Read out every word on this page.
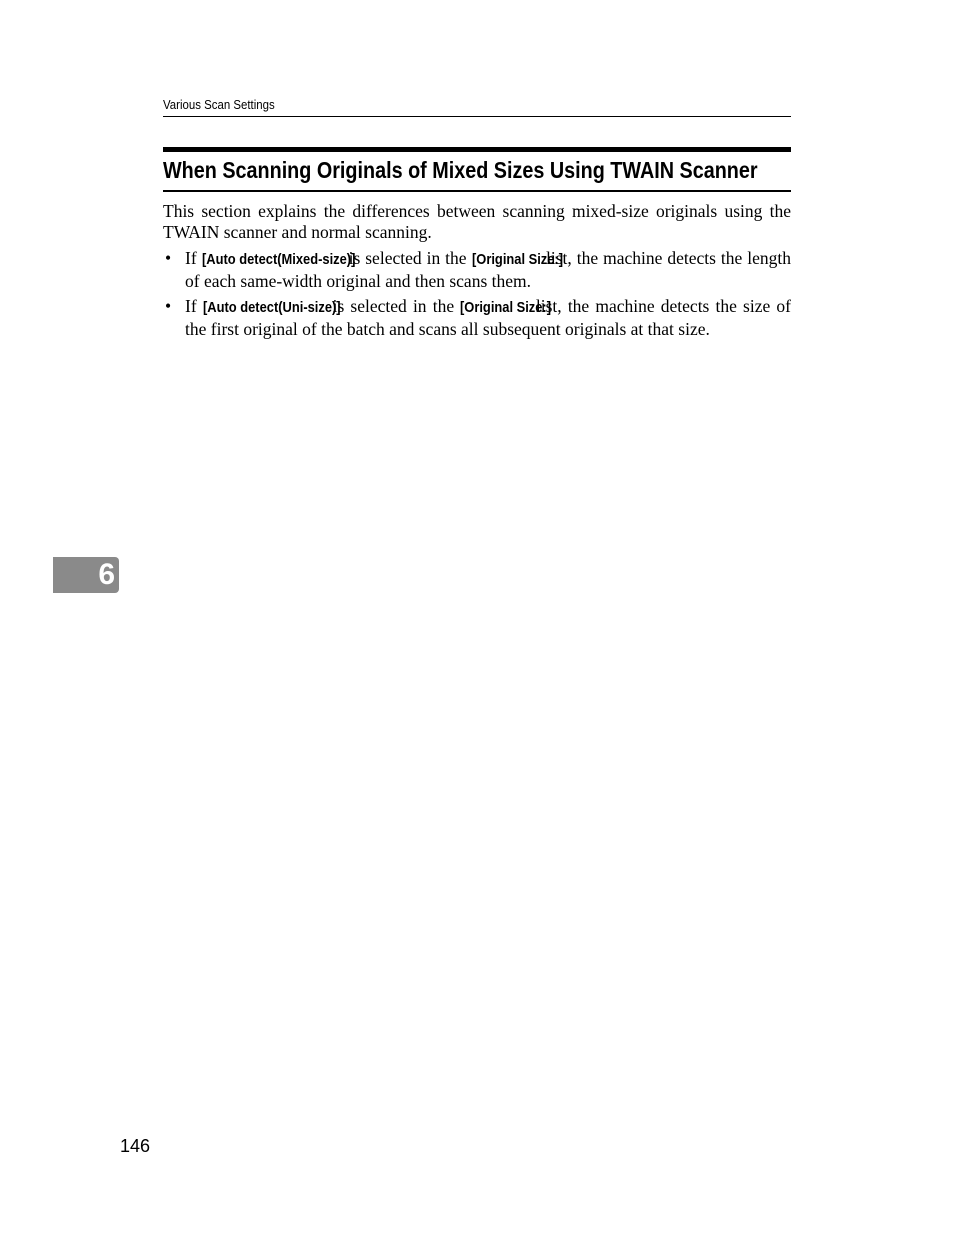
Various Scan Settings
When Scanning Originals of Mixed Sizes Using TWAIN Scanner
This section explains the differences between scanning mixed-size originals using the TWAIN scanner and normal scanning.
• If [Auto detect(Mixed-size)] is selected in the [Original Size:] list, the machine detects the length of each same-width original and then scans them.
• If [Auto detect(Uni-size)] is selected in the [Original Size:] list, the machine detects the size of the first original of the batch and scans all subsequent originals at that size.
6
146
